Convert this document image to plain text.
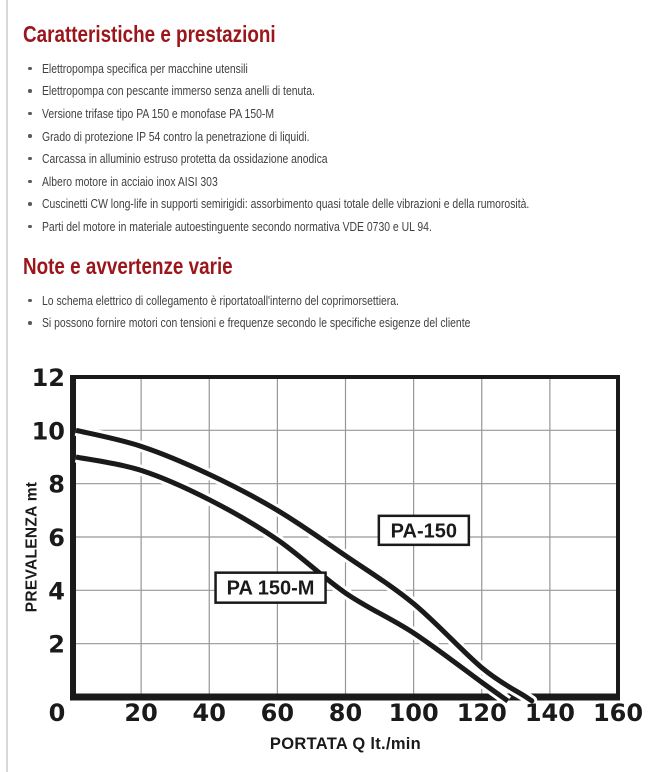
Caratteristiche e prestazioni
Elettropompa specifica per macchine utensili
Elettropompa con pescante immerso senza anelli di tenuta.
Versione trifase tipo PA 150 e monofase PA 150-M
Grado di protezione IP 54 contro la penetrazione di liquidi.
Carcassa in alluminio estruso protetta da ossidazione anodica
Albero motore in acciaio inox AISI 303
Cuscinetti CW long-life in supporti semirigidi: assorbimento quasi totale delle vibrazioni e della rumorosità.
Parti del motore in materiale autoestinguente secondo normativa VDE 0730 e UL 94.
Note e avvertenze varie
Lo schema elettrico di collegamento è riportatoall'interno del coprimorsettiera.
Si possono fornire motori con tensioni e frequenze secondo le specifiche esigenze del cliente
PA-150
PA 150-M
0 20 40 60 80 100 120 140 160
2
4
6
8
10
12
PORTATA Q lt./min
PREVALENZA mt
